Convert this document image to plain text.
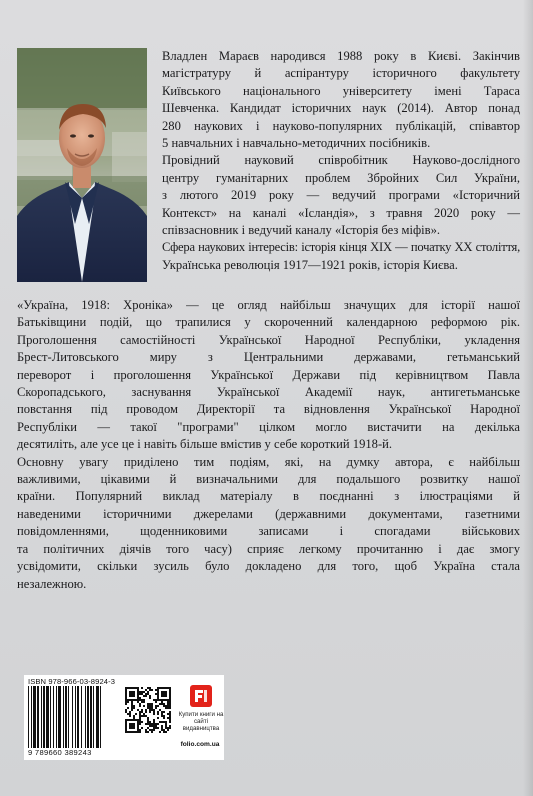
Владлен Мараєв народився 1988 року в Києві. Закінчив
магістратуру й аспірантуру історичного факультету
Київського національного університету імені Тараса
Шевченка. Кандидат історичних наук (2014). Автор понад
280 наукових і науково-популярних публікацій, співавтор
5 навчальних і навчально-методичних посібників.
Провідний науковий співробітник Науково-дослідного
центру гуманітарних проблем Збройних Сил України,
з лютого 2019 року — ведучий програми «Історичний
Контекст» на каналі «Ісландія», з травня 2020 року —
співзасновник і ведучий каналу «Історія без міфів».
Сфера наукових інтересів: історія кінця XIX — початку XX століття,
Українська революція 1917—1921 років, історія Києва.
«Україна, 1918: Хроніка» — це огляд найбільш значущих для історії нашої
Батьківщини подій, що трапилися у скороченний календарною реформою рік.
Проголошення самостійності Української Народної Республіки, укладення
Брест-Литовського миру з Центральними державами, гетьманський
переворот і проголошення Української Держави під керівництвом Павла
Скоропадського, заснування Української Академії наук, антигетьманське
повстання під проводом Директорії та відновлення Української Народної
Республіки — такої "програми" цілком могло вистачити на декілька
десятиліть, але усе це і навіть більше вмістив у себе короткий 1918-й.
Основну увагу приділено тим подіям, які, на думку автора, є найбільш
важливими, цікавими й визначальними для подальшого розвитку нашої
країни. Популярний виклад матеріалу в поєднанні з ілюстраціями й
наведеними історичними джерелами (державними документами, газетними
повідомленнями, щоденниковими записами і спогадами військових
та політичних діячів того часу) сприяє легкому прочитанню і дає змогу
усвідомити, скільки зусиль було докладено для того, щоб Україна стала
незалежною.
ISBN 978-966-03-8924-3
9 789660 389243
Купити книги на сайті видавництва
folio.com.ua
